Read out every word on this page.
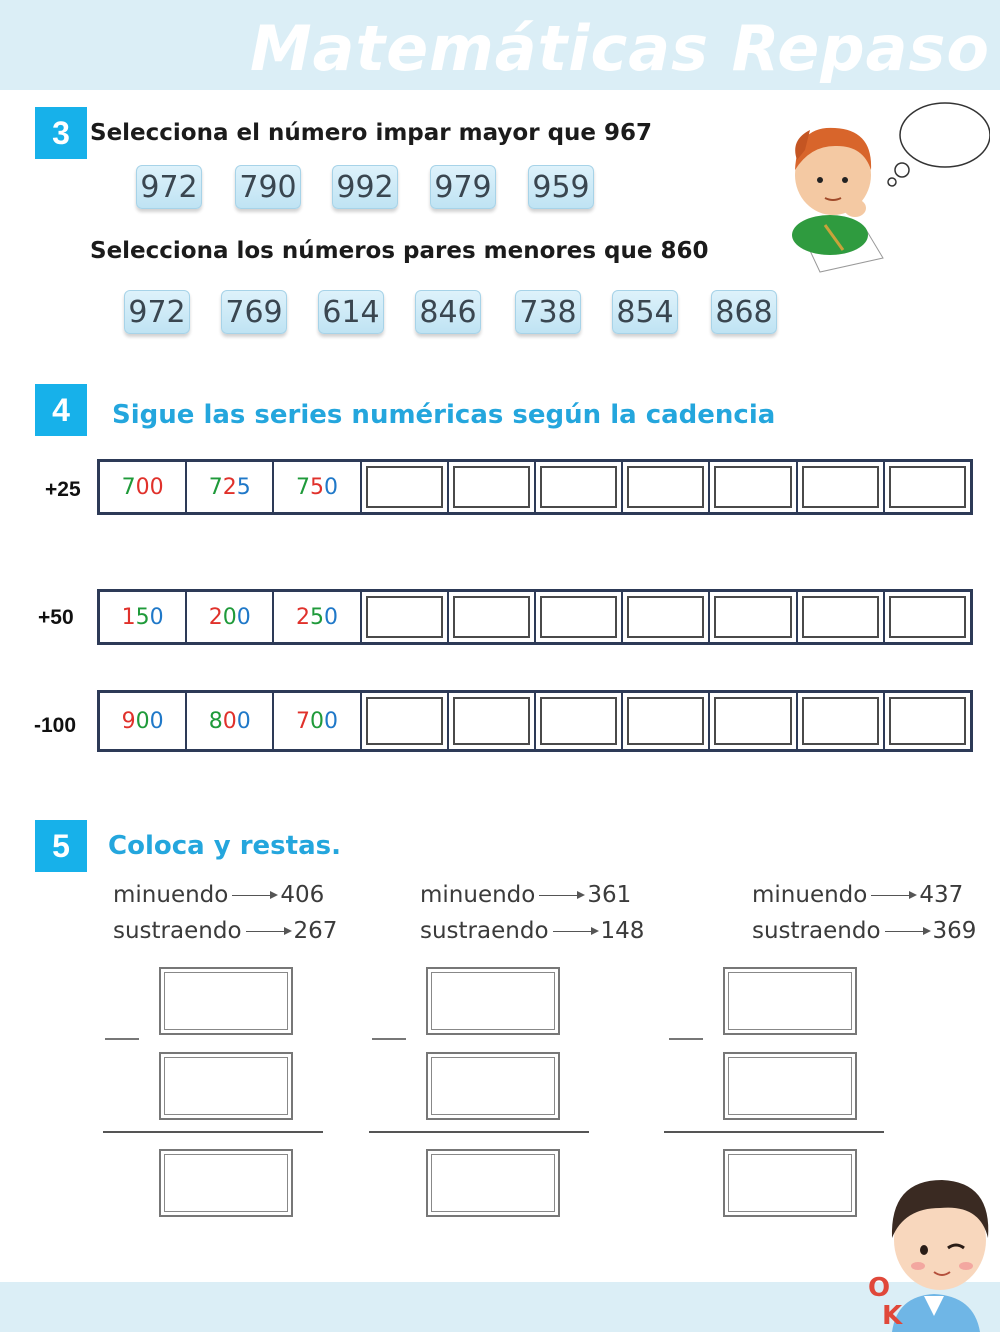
Matemáticas Repaso
3 Selecciona el número impar mayor que 967
972 790 992 979 959
Selecciona los números pares menores que 860
972 769 614 846 738 854 868
4	Sigue las series numéricas según la cadencia
+25 7 00 7 2 5 7 5 0
+50 1 5 0 2 0 0 2 5 0
-100 9 0 0 8 0 0 7 0 0
5	Coloca y restas.
minuendo 406
sustraendo 267
minuendo 361
sustraendo 148
minuendo 437
sustraendo 369
O
K
